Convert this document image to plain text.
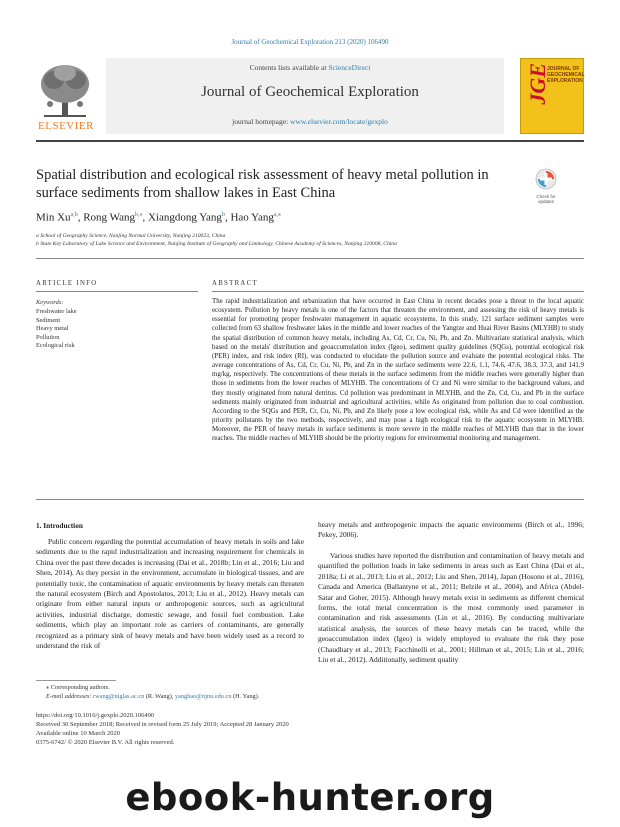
Journal of Geochemical Exploration 213 (2020) 106490
ELSEVIER
Contents lists available at ScienceDirect
Journal of Geochemical Exploration
journal homepage: www.elsevier.com/locate/gexplo
JGE
JOURNAL OF GEOCHEMICAL EXPLORATION
Spatial distribution and ecological risk assessment of heavy metal pollution in surface sediments from shallow lakes in East China	Check for updates
Min Xu$^{a,b}$, Rong Wang$^{b,⁎}$, Xiangdong Yang$^b$, Hao Yang$^{a,⁎}$
a School of Geography Science, Nanjing Normal University, Nanjing 210023, China
b State Key Laboratory of Lake Science and Environment, Nanjing Institute of Geography and Limnology, Chinese Academy of Sciences, Nanjing 210008, China
ARTICLE INFO
Keywords:
Freshwater lake
Sediment
Heavy metal
Pollution
Ecological risk
ABSTRACT
The rapid industrialization and urbanization that have occurred in East China in recent decades pose a threat to the local aquatic ecosystem. Pollution by heavy metals is one of the factors that threaten the environment, and assessing the risk of heavy metals is essential for promoting proper freshwater management in aquatic ecosystems. In this study, 121 surface sediment samples were collected from 63 shallow freshwater lakes in the middle and lower reaches of the Yangtze and Huai River Basins (MLYHB) to study the spatial distribution of common heavy metals, including As, Cd, Cr, Cu, Ni, Pb, and Zn. Multivariate statistical analysis, which based on the metals' distribution and geoaccumulation index (Igeo), sediment quality guidelines (SQGs), potential ecological risk (PER) index, and risk index (RI), was conducted to elucidate the pollution source and evaluate the potential ecological risks. The average concentrations of As, Cd, Cr, Cu, Ni, Pb, and Zn in the surface sediments were 22.6, 1.1, 74.6, 47.6, 38.3, 37.3, and 141.9 mg/kg, respectively. The concentrations of these metals in the surface sediments from the middle reaches were generally higher than those in sediments from the lower reaches of MLYHB. The concentrations of Cr and Ni were similar to the background values, and they mostly originated from natural detritus. Cd pollution was predominant in MLYHB, and the Zn, Cd, Cu, and Pb in the surface sediments mainly originated from industrial and agricultural activities, while As originated from pollution due to coal combustion. According to the SQGs and PER, Cr, Cu, Ni, Pb, and Zn likely pose a low ecological risk, while As and Cd were identified as the priority pollutants by the two methods, respectively, and may pose a high ecological risk to the aquatic ecosystem in MLYHB. Moreover, the PER of heavy metals in surface sediments is more severe in the middle reaches of MLYHB than that in the lower reaches. The middle reaches of MLYHB should be the priority regions for environmental monitoring and management.
1. Introduction
Public concern regarding the potential accumulation of heavy metals in soils and lake sediments due to the rapid industrialization and increasing requirement for chemicals in China over the past three decades is increasing (Dai et al., 2018b; Lin et al., 2016; Liu and Shen, 2014). As they persist in the environment, accumulate in biological tissues, and are potentially toxic, the contamination of aquatic environments by heavy metals can threaten the natural ecosystem (Birch and Apostolatos, 2013; Liu et al., 2012). Heavy metals can originate from either natural inputs or anthropogenic sources, such as agricultural activities, industrial discharge, domestic sewage, and fossil fuel combustion. Lake sediments, which play an important role as carriers of contaminants, are generally recognized as a primary sink of heavy metals and have been widely used as a record to understand the risk of
heavy metals and anthropogenic impacts the aquatic environments (Birch et al., 1996; Pekey, 2006).
Various studies have reported the distribution and contamination of heavy metals and quantified the pollution loads in lake sediments in areas such as East China (Dai et al., 2018a; Li et al., 2013; Liu et al., 2012; Liu and Shen, 2014), Japan (Hosono et al., 2016), Canada and America (Ballantyne et al., 2011; Belzile et al., 2004), and Africa (Abdel-Satar and Goher, 2015). Although heavy metals exist in sediments as different chemical forms, the total metal concentration is the most commonly used parameter in contamination and risk assessments (Lin et al., 2016). By conducting multivariate statistical analysis, the sources of these heavy metals can be traced, while the geoaccumulation index (Igeo) is widely employed to evaluate the risk they pose (Chaudhary et al., 2013; Facchinelli et al., 2001; Hillman et al., 2015; Lin et al., 2016; Liu et al., 2012). Additionally, sediment quality
⁎ Corresponding authors.
E-mail addresses: rwang@niglas.ac.cn (R. Wang), yanghao@njnu.edu.cn (H. Yang).
https://doi.org/10.1016/j.gexplo.2020.106490
Received 30 September 2018; Received in revised form 25 July 2019; Accepted 28 January 2020
Available online 10 March 2020
0375-6742/ © 2020 Elsevier B.V. All rights reserved.
ebook-hunter.org
